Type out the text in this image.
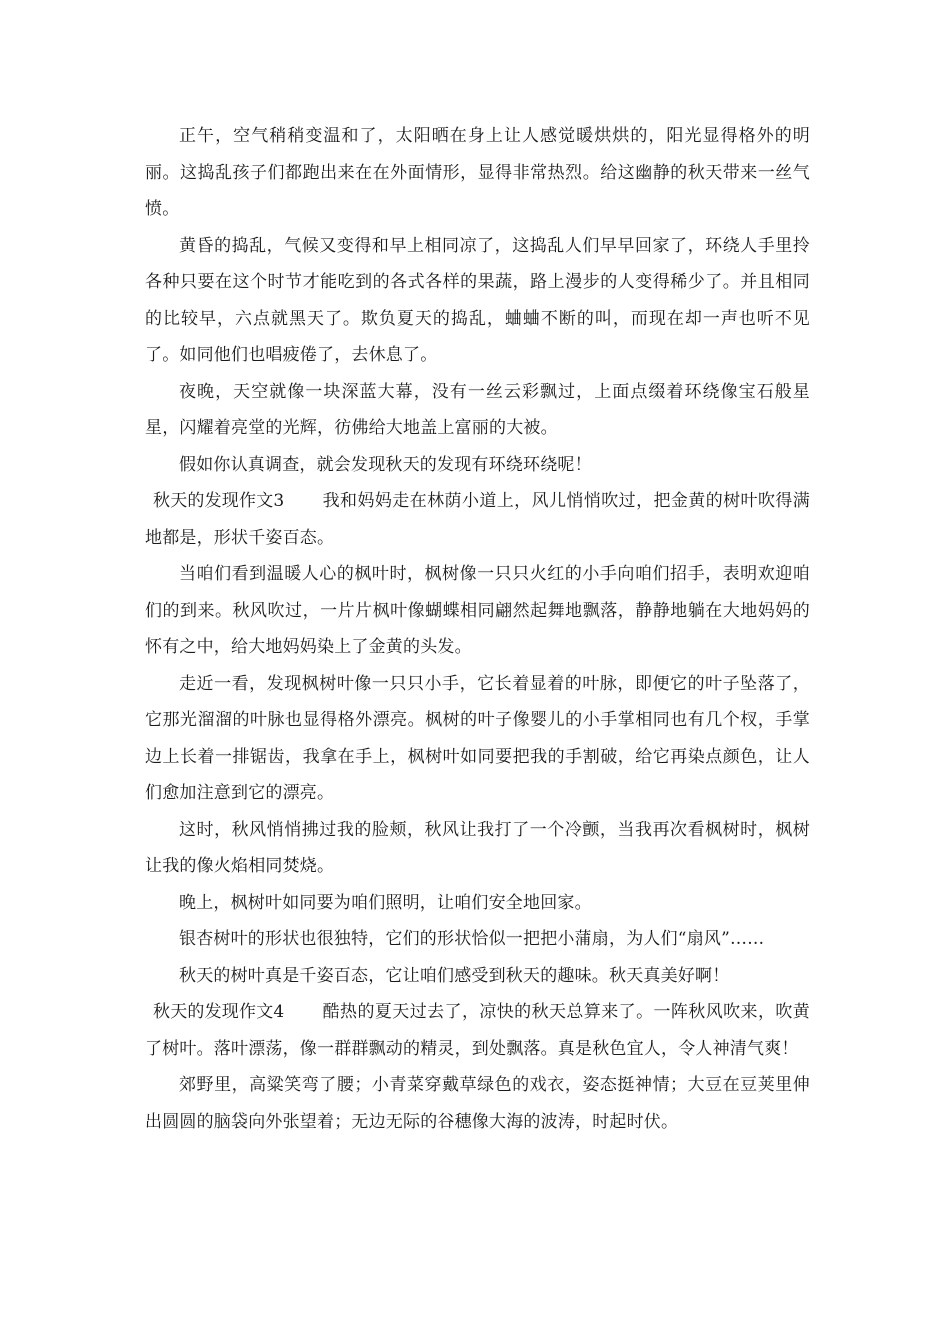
正午，空气稍稍变温和了，太阳晒在身上让人感觉暖烘烘的，阳光显得格外的明丽。这捣乱孩子们都跑出来在在外面情形，显得非常热烈。给这幽静的秋天带来一丝气愤。

黄昏的捣乱，气候又变得和早上相同凉了，这捣乱人们早早回家了，环绕人手里拎各种只要在这个时节才能吃到的各式各样的果蔬，路上漫步的人变得稀少了。并且相同的比较早，六点就黑天了。欺负夏天的捣乱，蛐蛐不断的叫，而现在却一声也听不见了。如同他们也唱疲倦了，去休息了。

夜晚，天空就像一块深蓝大幕，没有一丝云彩飘过，上面点缀着环绕像宝石般星星，闪耀着亮堂的光辉，彷佛给大地盖上富丽的大被。

假如你认真调查，就会发现秋天的发现有环绕环绕呢！

秋天的发现作文3 我和妈妈走在林荫小道上，风儿悄悄吹过，把金黄的树叶吹得满地都是，形状千姿百态。

当咱们看到温暖人心的枫叶时，枫树像一只只火红的小手向咱们招手，表明欢迎咱们的到来。秋风吹过，一片片枫叶像蝴蝶相同翩然起舞地飘落，静静地躺在大地妈妈的怀有之中，给大地妈妈染上了金黄的头发。

走近一看，发现枫树叶像一只只小手，它长着显着的叶脉，即便它的叶子坠落了，它那光溜溜的叶脉也显得格外漂亮。枫树的叶子像婴儿的小手掌相同也有几个杈，手掌边上长着一排锯齿，我拿在手上，枫树叶如同要把我的手割破，给它再染点颜色，让人们愈加注意到它的漂亮。

这时，秋风悄悄拂过我的脸颊，秋风让我打了一个冷颤，当我再次看枫树时，枫树让我的像火焰相同焚烧。

晚上，枫树叶如同要为咱们照明，让咱们安全地回家。

银杏树叶的形状也很独特，它们的形状恰似一把把小蒲扇，为人们“扇风”……

秋天的树叶真是千姿百态，它让咱们感受到秋天的趣味。秋天真美好啊！

秋天的发现作文4 酷热的夏天过去了，凉快的秋天总算来了。一阵秋风吹来，吹黄了树叶。落叶漂荡，像一群群飘动的精灵，到处飘落。真是秋色宜人，令人神清气爽！

郊野里，高粱笑弯了腰；小青菜穿戴草绿色的戏衣，姿态挺神情；大豆在豆荚里伸出圆圆的脑袋向外张望着；无边无际的谷穗像大海的波涛，时起时伏。
